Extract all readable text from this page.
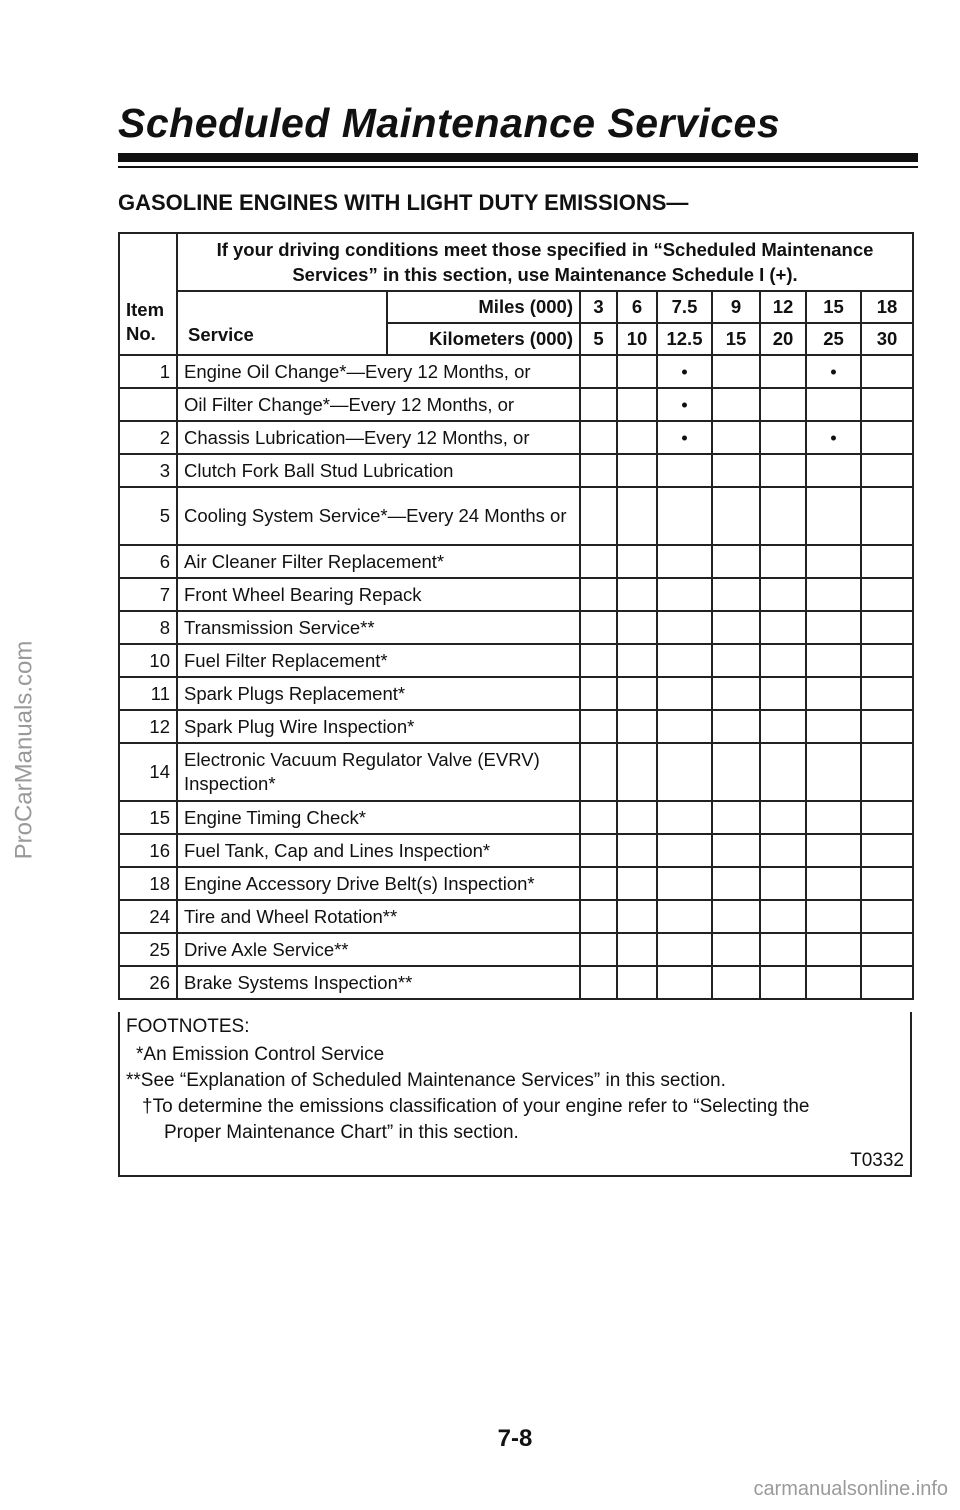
ProCarManuals.com
Scheduled Maintenance Services
GASOLINE ENGINES WITH LIGHT DUTY EMISSIONS—
Item No.	If your driving conditions meet those specified in “Scheduled Maintenance Services” in this section, use Maintenance Schedule I (+).								
	Service	Miles (000)	3	6	7.5	9	12	15	18
		Kilometers (000)	5	10	12.5	15	20	25	30
1	Engine Oil Change*—Every 12 Months, or				•			•	
	Oil Filter Change*—Every 12 Months, or				•				
2	Chassis Lubrication—Every 12 Months, or				•			•	
3	Clutch Fork Ball Stud Lubrication								
5	Cooling System Service*—Every 24 Months or								
6	Air Cleaner Filter Replacement*								
7	Front Wheel Bearing Repack								
8	Transmission Service**								
10	Fuel Filter Replacement*								
11	Spark Plugs Replacement*								
12	Spark Plug Wire Inspection*								
14	Electronic Vacuum Regulator Valve (EVRV) Inspection*								
15	Engine Timing Check*								
16	Fuel Tank, Cap and Lines Inspection*								
18	Engine Accessory Drive Belt(s) Inspection*								
24	Tire and Wheel Rotation**								
25	Drive Axle Service**								
26	Brake Systems Inspection**								
FOOTNOTES:
*An Emission Control Service
**See “Explanation of Scheduled Maintenance Services” in this section.
†To determine the emissions classification of your engine refer to “Selecting the
Proper Maintenance Chart” in this section.
T0332
7-8
carmanualsonline.info
